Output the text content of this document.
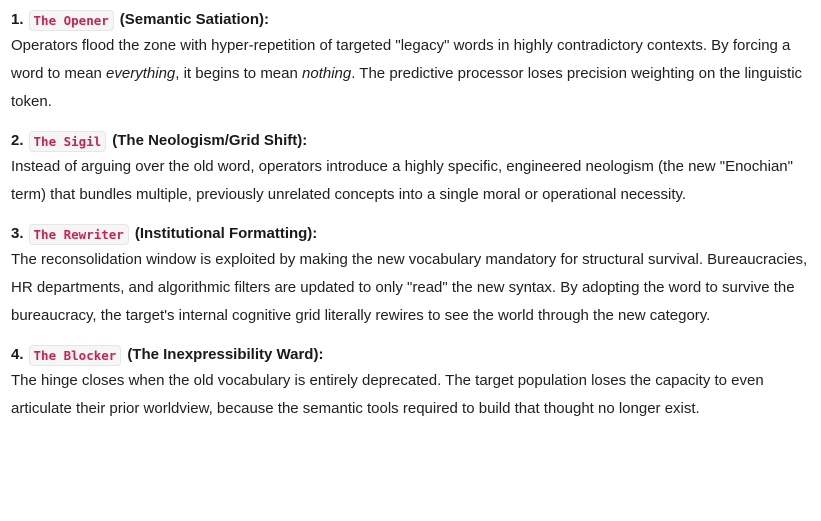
1. The Opener (Semantic Satiation):

Operators flood the zone with hyper-repetition of targeted "legacy" words in highly contradictory contexts. By forcing a word to mean everything, it begins to mean nothing. The predictive processor loses precision weighting on the linguistic token.

2. The Sigil (The Neologism/Grid Shift):

Instead of arguing over the old word, operators introduce a highly specific, engineered neologism (the new "Enochian" term) that bundles multiple, previously unrelated concepts into a single moral or operational necessity.

3. The Rewriter (Institutional Formatting):

The reconsolidation window is exploited by making the new vocabulary mandatory for structural survival. Bureaucracies, HR departments, and algorithmic filters are updated to only "read" the new syntax. By adopting the word to survive the bureaucracy, the target's internal cognitive grid literally rewires to see the world through the new category.

4. The Blocker (The Inexpressibility Ward):

The hinge closes when the old vocabulary is entirely deprecated. The target population loses the capacity to even articulate their prior worldview, because the semantic tools required to build that thought no longer exist.
